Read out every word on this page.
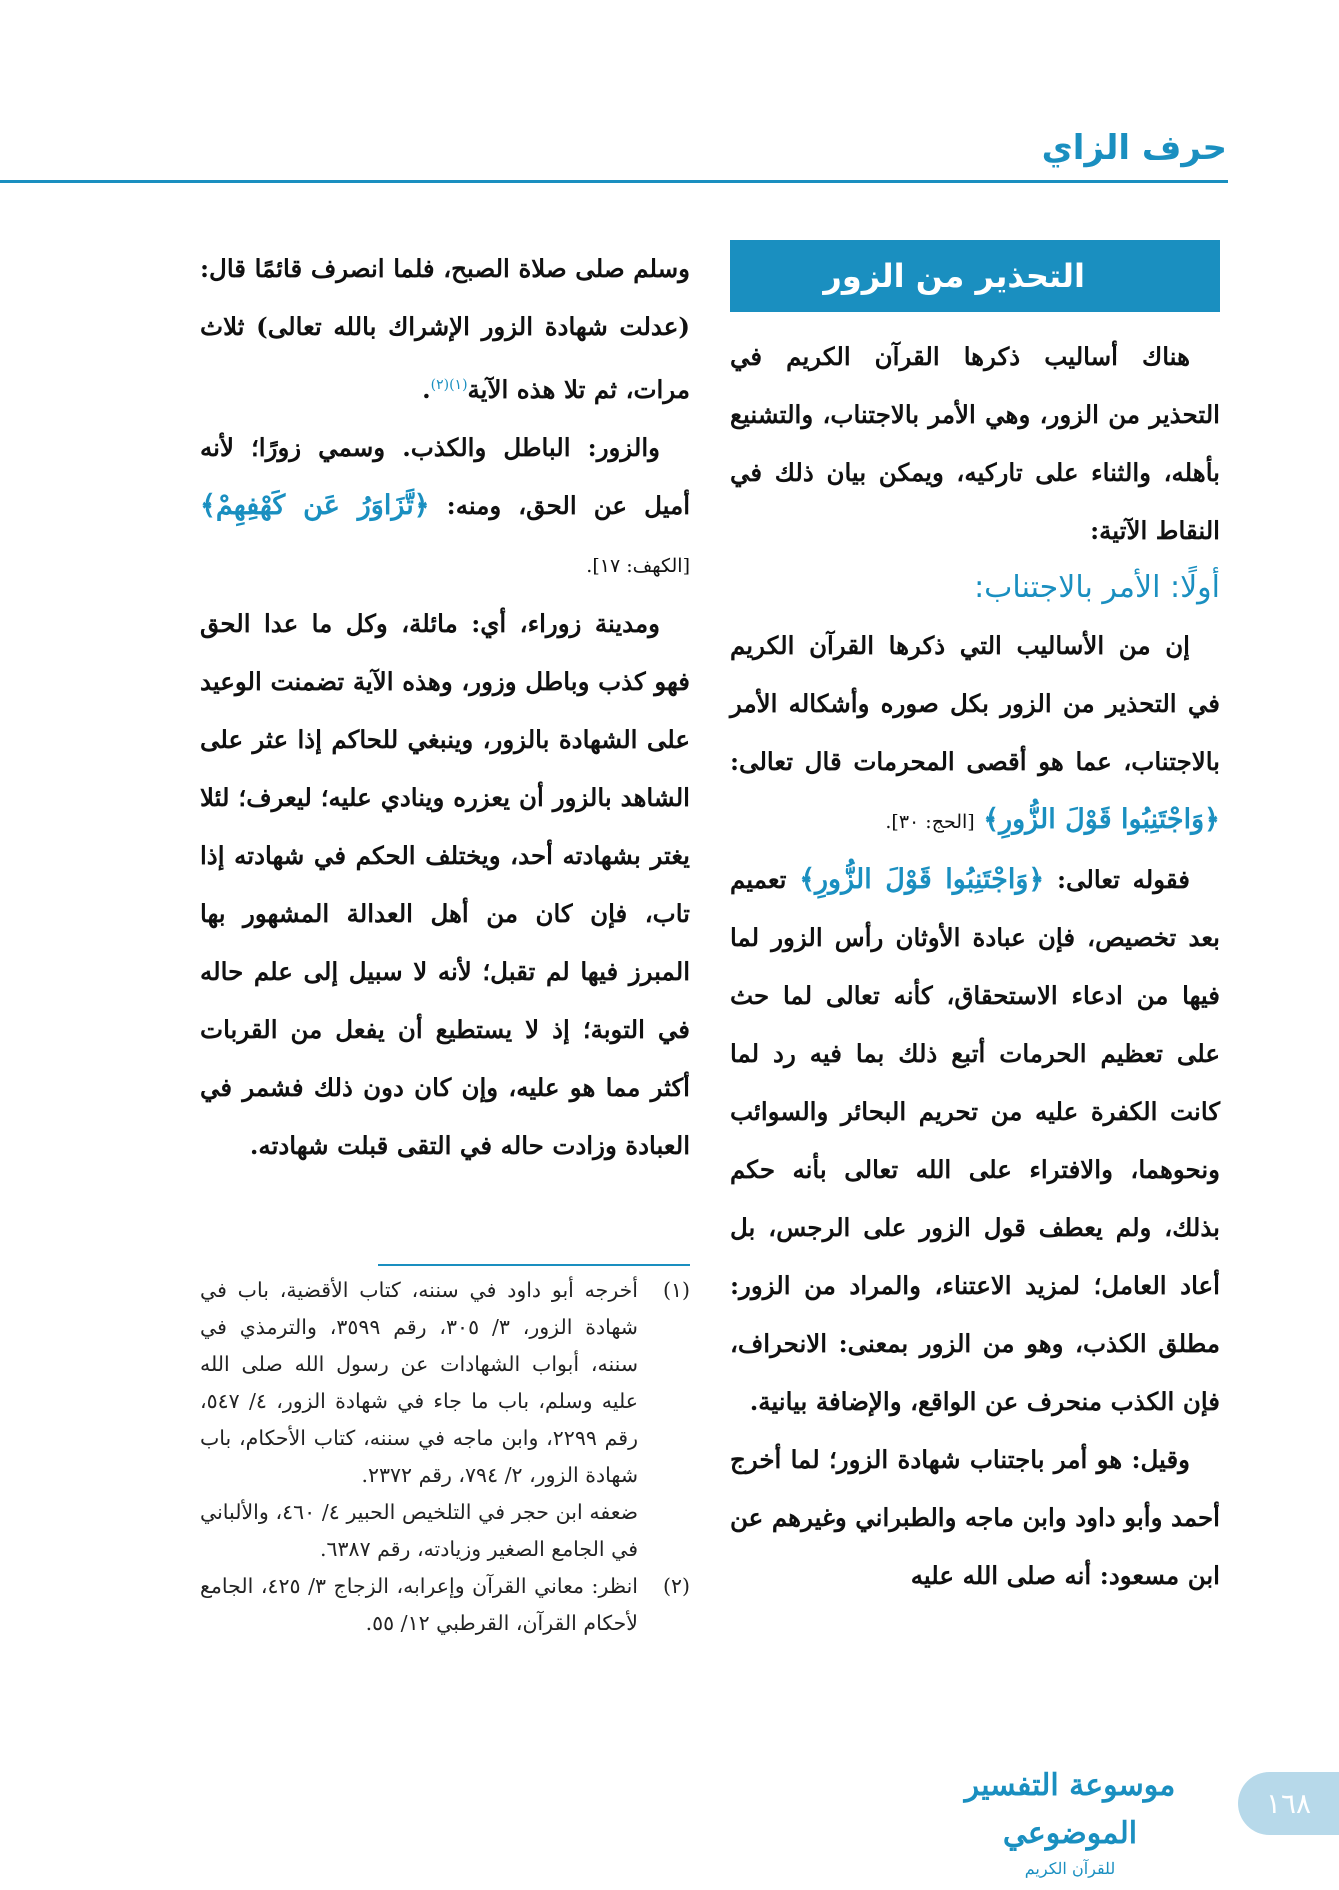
حرف الزاي
التحذير من الزور

هناك أساليب ذكرها القرآن الكريم في التحذير من الزور، وهي الأمر بالاجتناب، والتشنيع بأهله، والثناء على تاركيه، ويمكن بيان ذلك في النقاط الآتية:

أولًا: الأمر بالاجتناب:

إن من الأساليب التي ذكرها القرآن الكريم في التحذير من الزور بكل صوره وأشكاله الأمر بالاجتناب، عما هو أقصى المحرمات قال تعالى: ﴿وَاجْتَنِبُوا قَوْلَ الزُّورِ﴾ [الحج: ٣٠].

فقوله تعالى: ﴿وَاجْتَنِبُوا قَوْلَ الزُّورِ﴾ تعميم بعد تخصيص، فإن عبادة الأوثان رأس الزور لما فيها من ادعاء الاستحقاق، كأنه تعالى لما حث على تعظيم الحرمات أتبع ذلك بما فيه رد لما كانت الكفرة عليه من تحريم البحائر والسوائب ونحوهما، والافتراء على الله تعالى بأنه حكم بذلك، ولم يعطف قول الزور على الرجس، بل أعاد العامل؛ لمزيد الاعتناء، والمراد من الزور: مطلق الكذب، وهو من الزور بمعنى: الانحراف، فإن الكذب منحرف عن الواقع، والإضافة بيانية.

وقيل: هو أمر باجتناب شهادة الزور؛ لما أخرج أحمد وأبو داود وابن ماجه والطبراني وغيرهم عن ابن مسعود: أنه صلى الله عليه

وسلم صلى صلاة الصبح، فلما انصرف قائمًا قال: (عدلت شهادة الزور الإشراك بالله تعالى) ثلاث مرات، ثم تلا هذه الآية$^{(١)(٢)}$.

والزور: الباطل والكذب. وسمي زورًا؛ لأنه أميل عن الحق، ومنه: ﴿تَّزَاوَرُ عَن كَهْفِهِمْ﴾ [الكهف: ١٧].

ومدينة زوراء، أي: مائلة، وكل ما عدا الحق فهو كذب وباطل وزور، وهذه الآية تضمنت الوعيد على الشهادة بالزور، وينبغي للحاكم إذا عثر على الشاهد بالزور أن يعزره وينادي عليه؛ ليعرف؛ لئلا يغتر بشهادته أحد، ويختلف الحكم في شهادته إذا تاب، فإن كان من أهل العدالة المشهور بها المبرز فيها لم تقبل؛ لأنه لا سبيل إلى علم حاله في التوبة؛ إذ لا يستطيع أن يفعل من القربات أكثر مما هو عليه، وإن كان دون ذلك فشمر في العبادة وزادت حاله في التقى قبلت شهادته.

(١)
أخرجه أبو داود في سننه، كتاب الأقضية، باب في شهادة الزور، ٣/ ٣٠٥، رقم ٣٥٩٩، والترمذي في سننه، أبواب الشهادات عن رسول الله صلى الله عليه وسلم، باب ما جاء في شهادة الزور، ٤/ ٥٤٧، رقم ٢٢٩٩، وابن ماجه في سننه، كتاب الأحكام، باب شهادة الزور، ٢/ ٧٩٤، رقم ٢٣٧٢.
ضعفه ابن حجر في التلخيص الحبير ٤/ ٤٦٠، والألباني في الجامع الصغير وزيادته، رقم ٦٣٨٧.
(٢)
انظر: معاني القرآن وإعرابه، الزجاج ٣/ ٤٢٥، الجامع لأحكام القرآن، القرطبي ١٢/ ٥٥.
موسوعة التفسير الموضوعي
للقرآن الكريم
١٦٨
